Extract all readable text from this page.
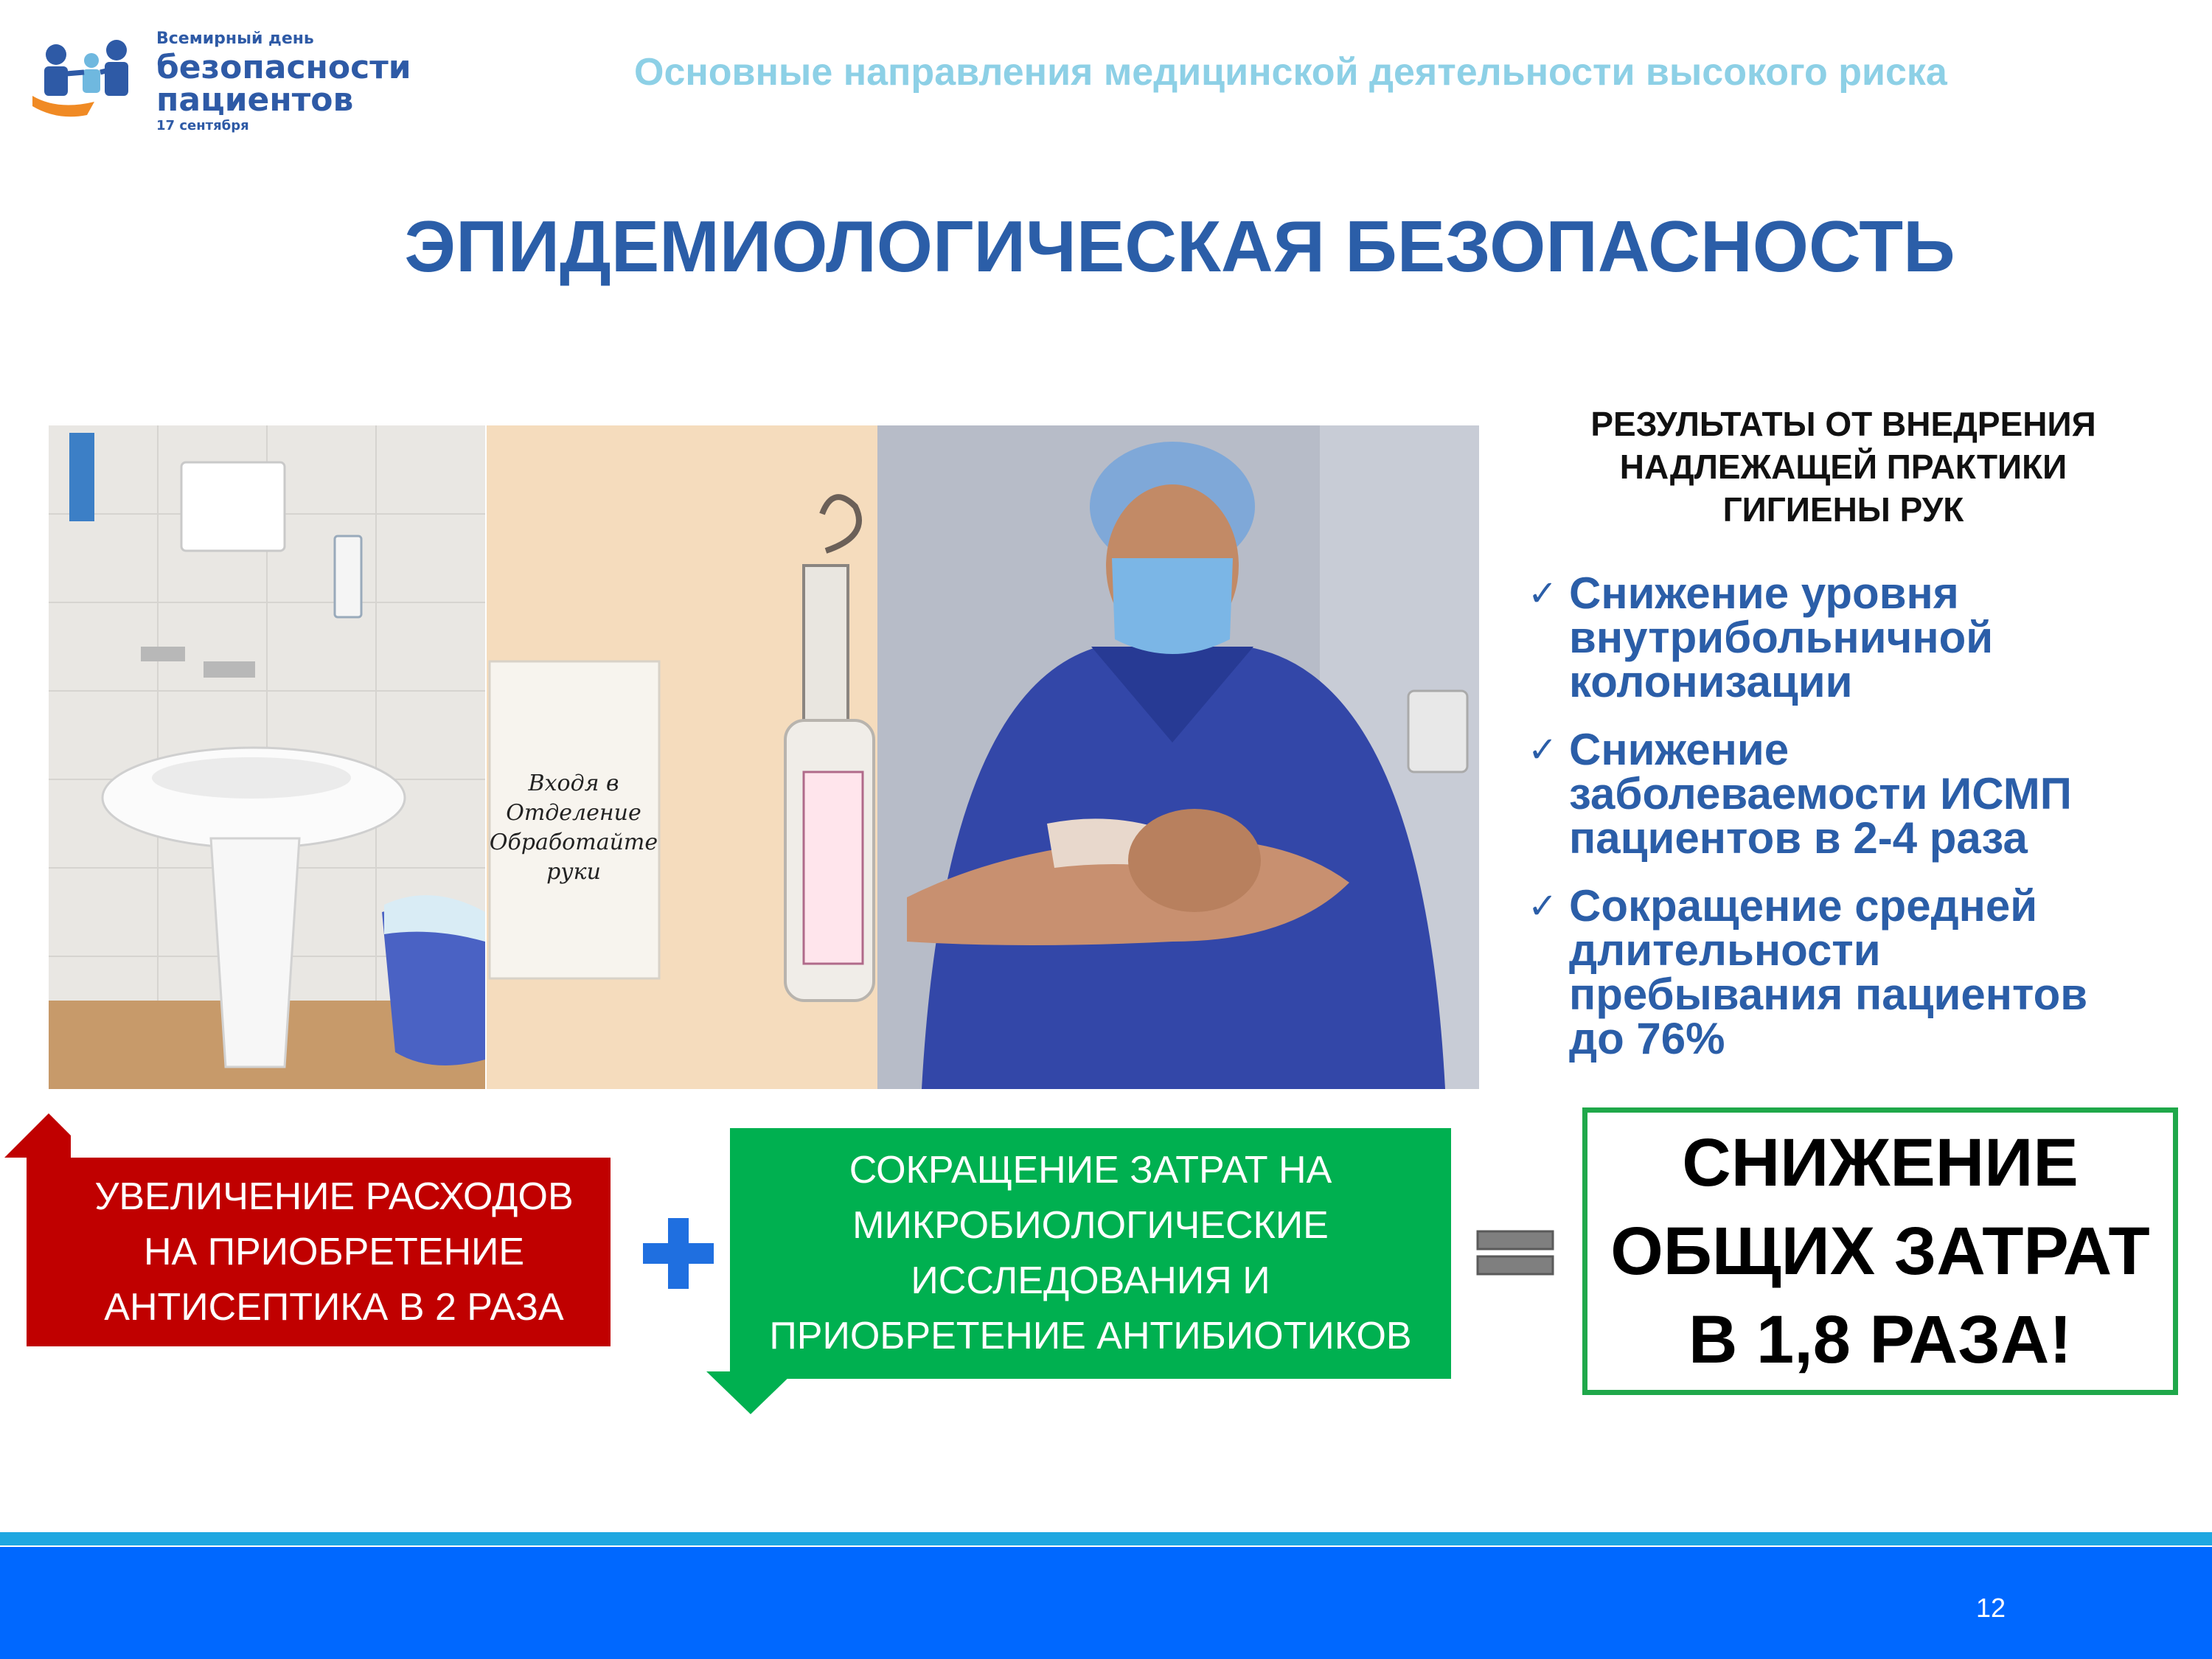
Всемирный день
безопасности
пациентов
17 сентября
Основные направления медицинской деятельности высокого риска
ЭПИДЕМИОЛОГИЧЕСКАЯ БЕЗОПАСНОСТЬ
Входя в
Отделение
Обработайте
руки
РЕЗУЛЬТАТЫ ОТ ВНЕДРЕНИЯ
НАДЛЕЖАЩЕЙ ПРАКТИКИ
ГИГИЕНЫ РУК
✓ Снижение уровня
внутрибольничной
колонизации
✓ Снижение
заболеваемости ИСМП
пациентов в 2-4 раза
✓ Сокращение средней
длительности
пребывания пациентов
до 76%
УВЕЛИЧЕНИЕ РАСХОДОВ
НА ПРИОБРЕТЕНИЕ
АНТИСЕПТИКА В 2 РАЗА
СОКРАЩЕНИЕ ЗАТРАТ НА
МИКРОБИОЛОГИЧЕСКИЕ
ИССЛЕДОВАНИЯ И
ПРИОБРЕТЕНИЕ АНТИБИОТИКОВ
СНИЖЕНИЕ
ОБЩИХ ЗАТРАТ
В 1,8 РАЗА!
12
